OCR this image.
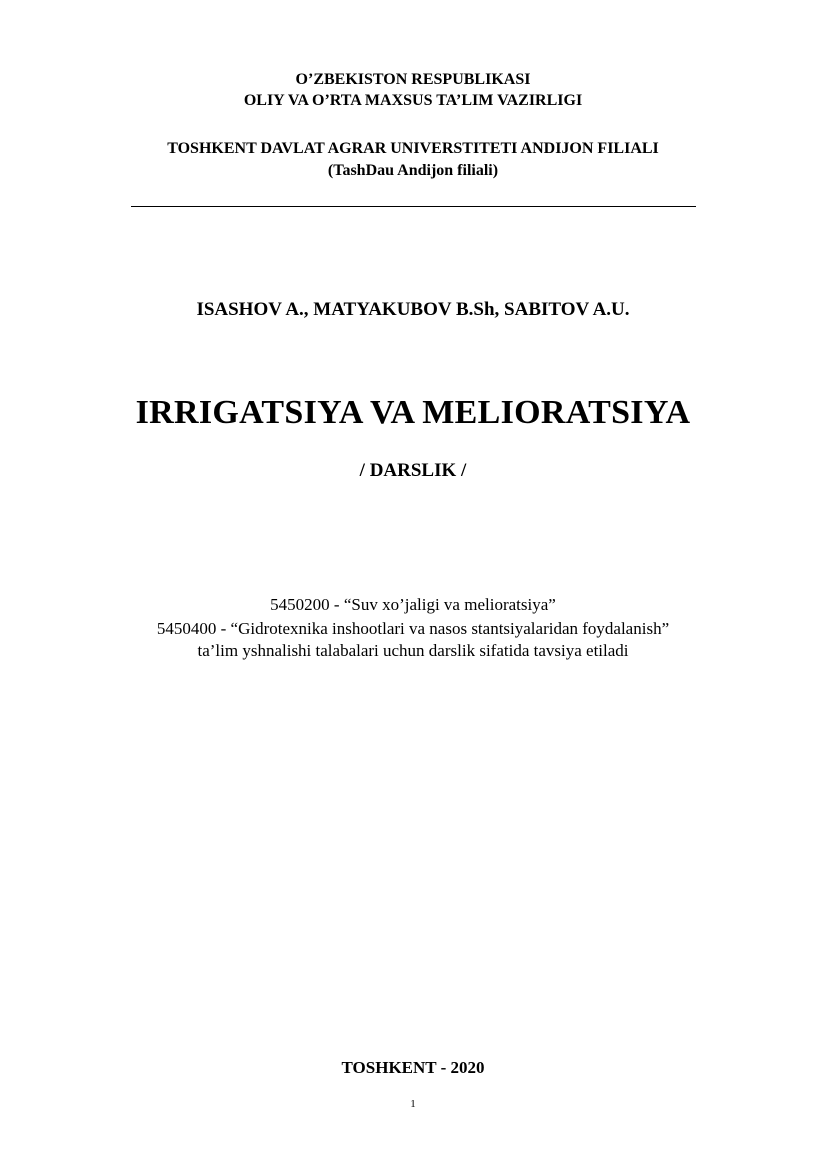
O’ZBEKISTON RESPUBLIKASI
OLIY VA O’RTA MAXSUS TA’LIM VAZIRLIGI
TOSHKENT DAVLAT AGRAR UNIVERSTITETI ANDIJON FILIALI
(TashDau Andijon filiali)
ISASHOV A., MATYAKUBOV B.Sh, SABITOV A.U.
IRRIGATSIYA VA MELIORATSIYA
/ DARSLIK /
5450200 - “Suv xo’jaligi va melioratsiya”
5450400 - “Gidrotexnika inshootlari va nasos stantsiyalaridan foydalanish”
ta’lim yshnalishi talabalari uchun darslik sifatida tavsiya etiladi
TOSHKENT - 2020
1
